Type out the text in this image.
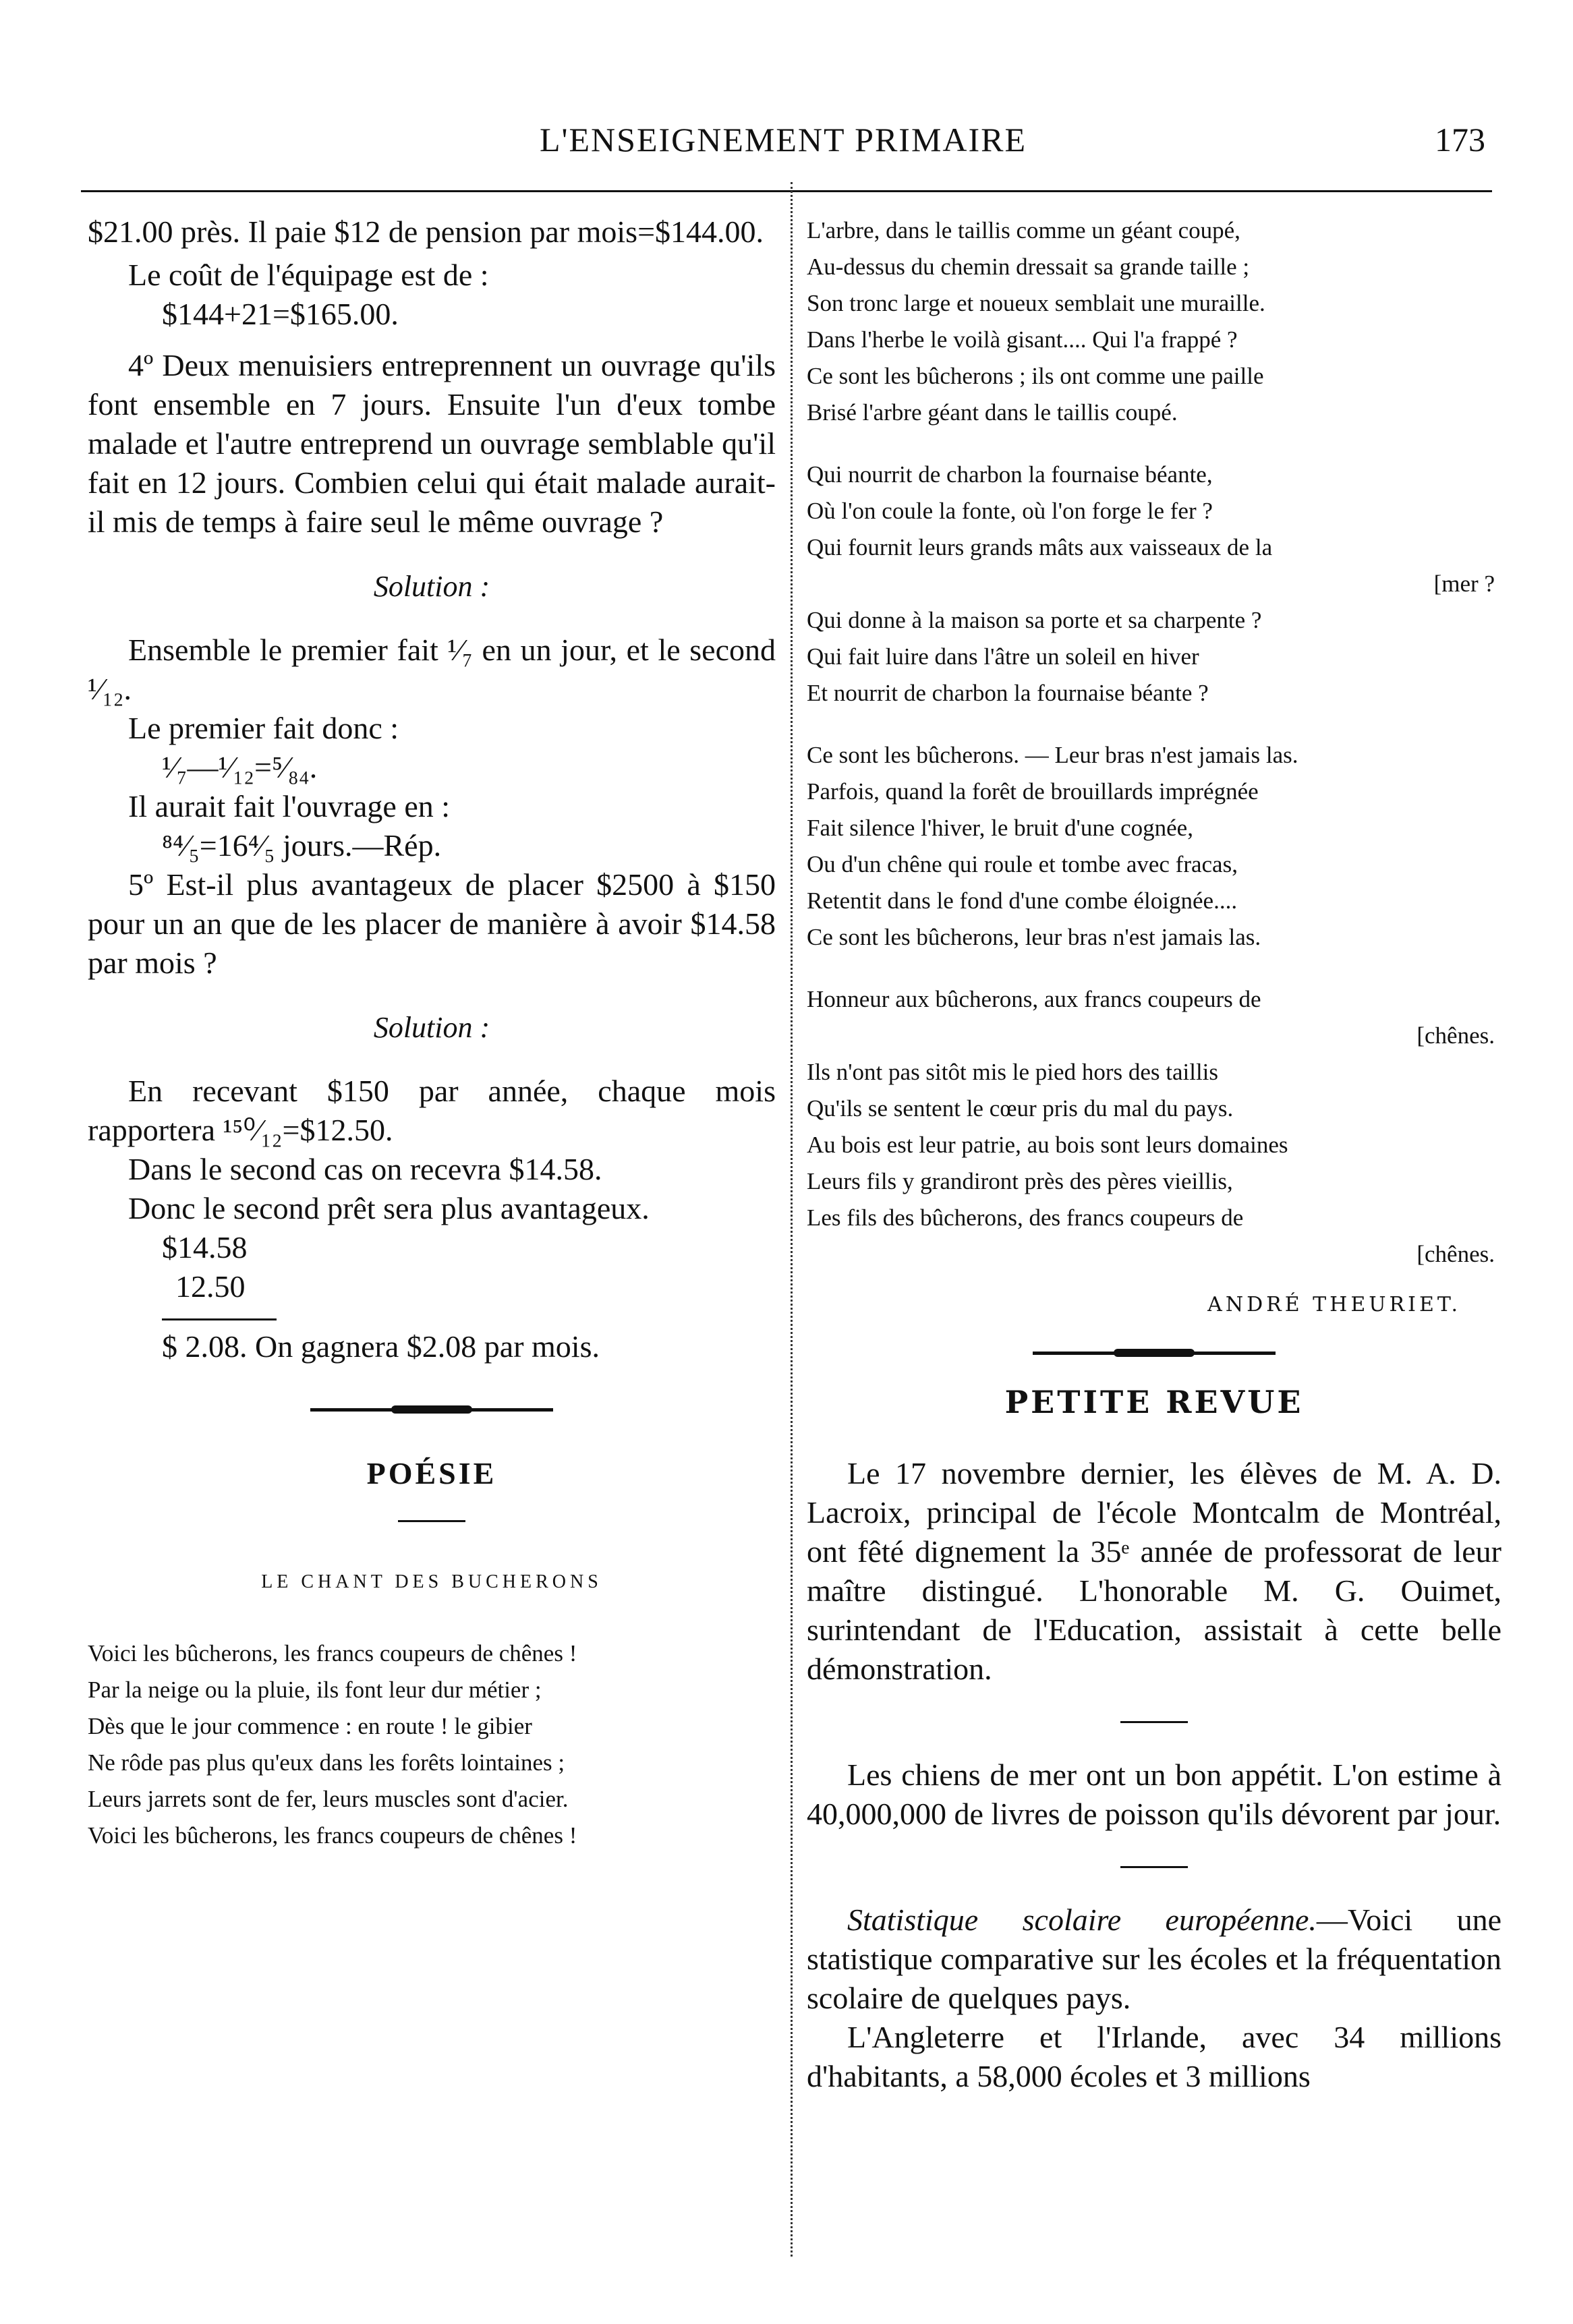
L'ENSEIGNEMENT PRIMAIRE	173

$21.00 près. Il paie $12 de pension par mois=$144.00.

Le coût de l'équipage est de :

$144+21=$165.00.

4º Deux menuisiers entreprennent un ouvrage qu'ils font ensemble en 7 jours. Ensuite l'un d'eux tombe malade et l'autre entreprend un ouvrage semblable qu'il fait en 12 jours. Combien celui qui était malade aurait-il mis de temps à faire seul le même ouvrage ?

Solution :

Ensemble le premier fait ¹⁄₇ en un jour, et le second ¹⁄₁₂.

Le premier fait donc :

¹⁄₇—¹⁄₁₂=⁵⁄₈₄.

Il aurait fait l'ouvrage en :

⁸⁴⁄₅=16⁴⁄₅ jours.—Rép.

5º Est-il plus avantageux de placer $2500 à $150 pour un an que de les placer de manière à avoir $14.58 par mois ?

Solution :

En recevant $150 par année, chaque mois rapportera ¹⁵⁰⁄₁₂=$12.50.

Dans le second cas on recevra $14.58.

Donc le second prêt sera plus avantageux.

$14.58

12.50

$ 2.08. On gagnera $2.08 par mois.

POÉSIE
LE CHANT DES BUCHERONS
Voici les bûcherons, les francs coupeurs de chênes !
Par la neige ou la pluie, ils font leur dur métier ;
Dès que le jour commence : en route ! le gibier
Ne rôde pas plus qu'eux dans les forêts lointaines ;
Leurs jarrets sont de fer, leurs muscles sont d'acier.
Voici les bûcherons, les francs coupeurs de chênes !
L'arbre, dans le taillis comme un géant coupé,
Au-dessus du chemin dressait sa grande taille ;
Son tronc large et noueux semblait une muraille.
Dans l'herbe le voilà gisant.... Qui l'a frappé ?
Ce sont les bûcherons ; ils ont comme une paille
Brisé l'arbre géant dans le taillis coupé.
Qui nourrit de charbon la fournaise béante,
Où l'on coule la fonte, où l'on forge le fer ?
Qui fournit leurs grands mâts aux vaisseaux de la
[mer ?
Qui donne à la maison sa porte et sa charpente ?
Qui fait luire dans l'âtre un soleil en hiver
Et nourrit de charbon la fournaise béante ?
Ce sont les bûcherons. — Leur bras n'est jamais las.
Parfois, quand la forêt de brouillards imprégnée
Fait silence l'hiver, le bruit d'une cognée,
Ou d'un chêne qui roule et tombe avec fracas,
Retentit dans le fond d'une combe éloignée....
Ce sont les bûcherons, leur bras n'est jamais las.
Honneur aux bûcherons, aux francs coupeurs de
[chênes.
Ils n'ont pas sitôt mis le pied hors des taillis
Qu'ils se sentent le cœur pris du mal du pays.
Au bois est leur patrie, au bois sont leurs domaines
Leurs fils y grandiront près des pères vieillis,
Les fils des bûcherons, des francs coupeurs de
[chênes.
ANDRÉ THEURIET.
PETITE REVUE

Le 17 novembre dernier, les élèves de M. A. D. Lacroix, principal de l'école Montcalm de Montréal, ont fêté dignement la 35ᵉ année de professorat de leur maître distingué. L'honorable M. G. Ouimet, surintendant de l'Education, assistait à cette belle démonstration.

Les chiens de mer ont un bon appétit. L'on estime à 40,000,000 de livres de poisson qu'ils dévorent par jour.

Statistique scolaire européenne.—Voici une statistique comparative sur les écoles et la fréquentation scolaire de quelques pays.

L'Angleterre et l'Irlande, avec 34 millions d'habitants, a 58,000 écoles et 3 millions
